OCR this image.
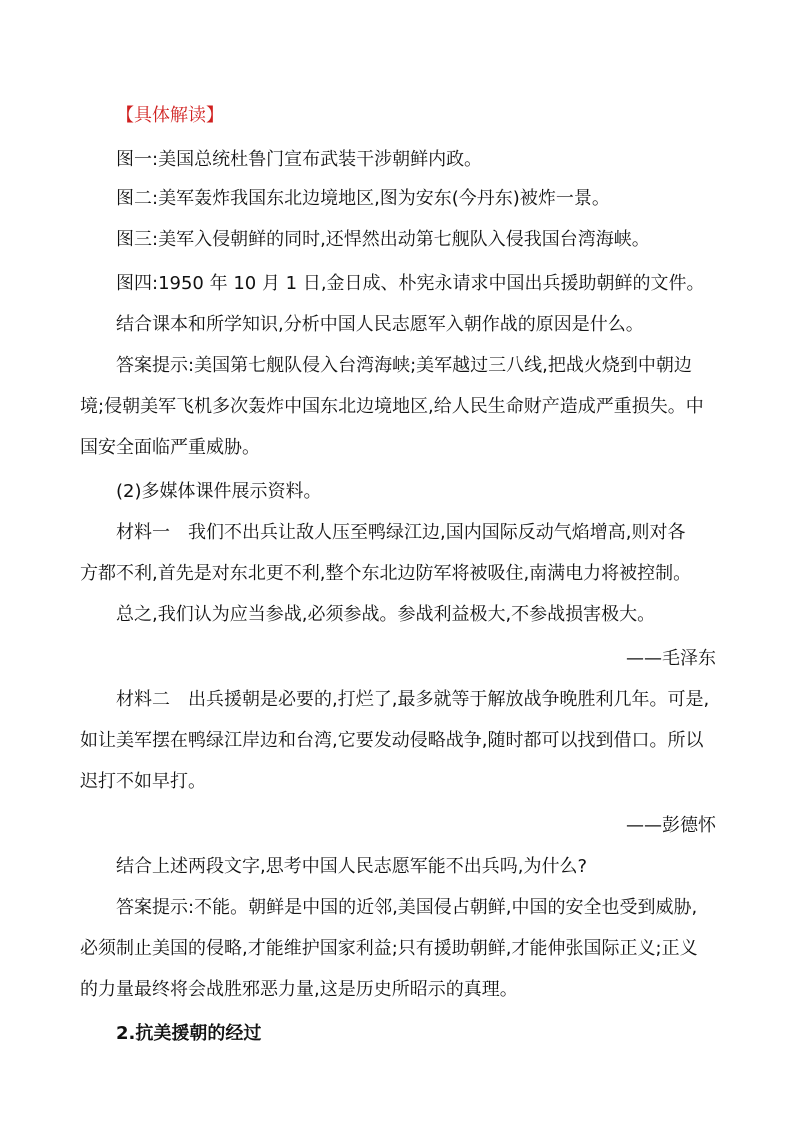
【具体解读】
图一:美国总统杜鲁门宣布武装干涉朝鲜内政。
图二:美军轰炸我国东北边境地区,图为安东(今丹东)被炸一景。
图三:美军入侵朝鲜的同时,还悍然出动第七舰队入侵我国台湾海峡。
图四:1950 年 10 月 1 日,金日成、朴宪永请求中国出兵援助朝鲜的文件。
结合课本和所学知识,分析中国人民志愿军入朝作战的原因是什么。
答案提示:美国第七舰队侵入台湾海峡;美军越过三八线,把战火烧到中朝边
境;侵朝美军飞机多次轰炸中国东北边境地区,给人民生命财产造成严重损失。中
国安全面临严重威胁。
(2)多媒体课件展示资料。
材料一　我们不出兵让敌人压至鸭绿江边,国内国际反动气焰增高,则对各
方都不利,首先是对东北更不利,整个东北边防军将被吸住,南满电力将被控制。
总之,我们认为应当参战,必须参战。参战利益极大,不参战损害极大。
——毛泽东
材料二　出兵援朝是必要的,打烂了,最多就等于解放战争晚胜利几年。可是,
如让美军摆在鸭绿江岸边和台湾,它要发动侵略战争,随时都可以找到借口。所以
迟打不如早打。
——彭德怀
结合上述两段文字,思考中国人民志愿军能不出兵吗,为什么?
答案提示:不能。朝鲜是中国的近邻,美国侵占朝鲜,中国的安全也受到威胁,
必须制止美国的侵略,才能维护国家利益;只有援助朝鲜,才能伸张国际正义;正义
的力量最终将会战胜邪恶力量,这是历史所昭示的真理。
2.抗美援朝的经过
